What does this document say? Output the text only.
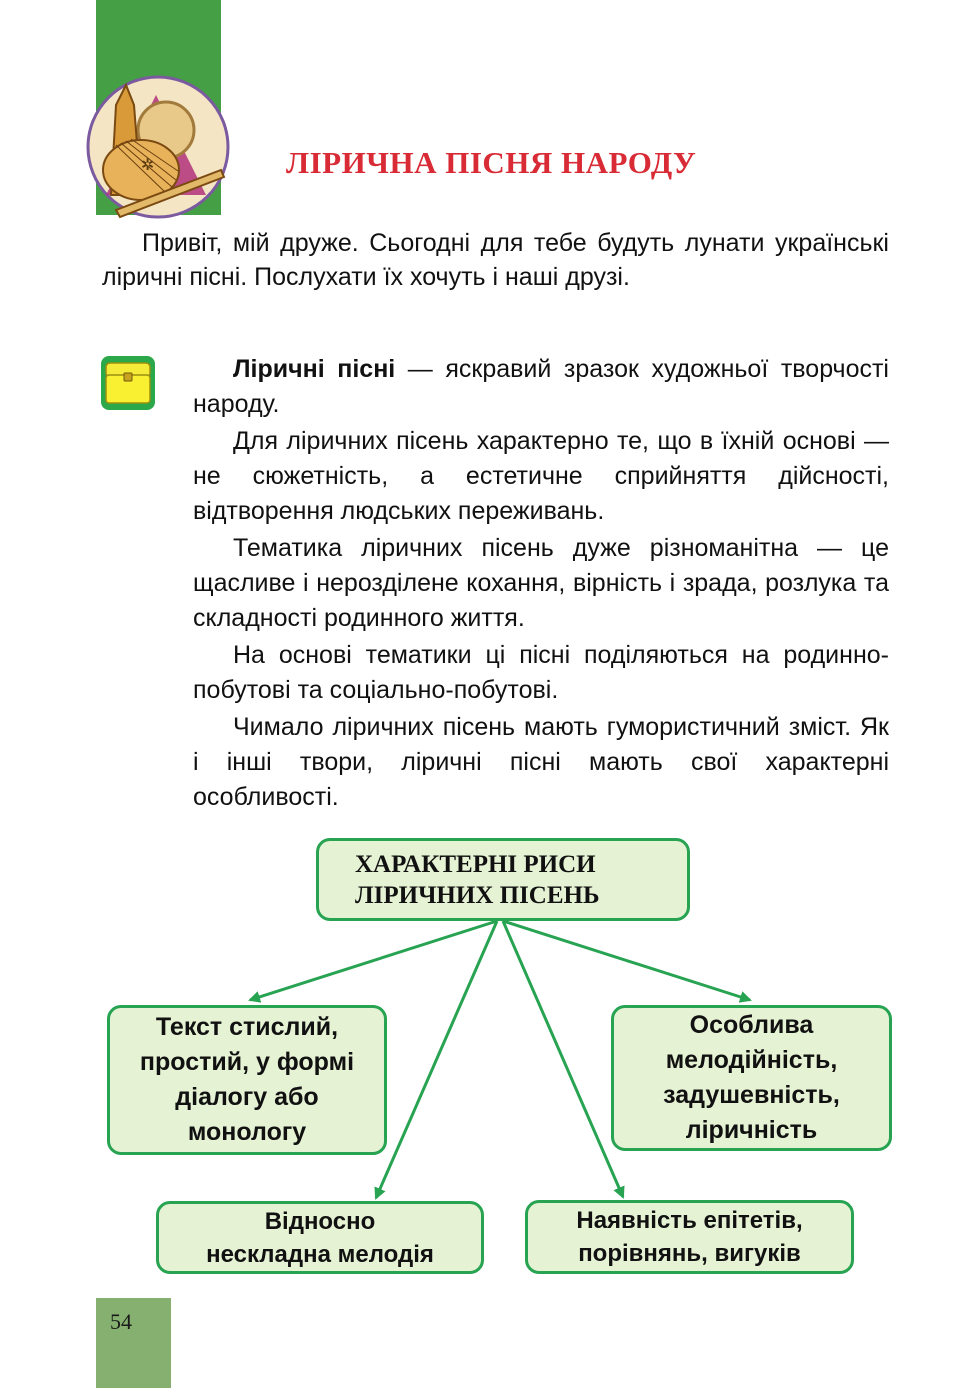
✲	ЛІРИЧНА ПІСНЯ НАРОДУ

Привіт, мій друже. Сьогодні для тебе будуть лунати українські ліричні пісні. Послухати їх хочуть і наші друзі.

Ліричні пісні — яскравий зразок художньої творчості народу.

Для ліричних пісень характерно те, що в їхній основі — не сюжетність, а естетичне сприйняття дійсності, відтворення людських переживань.

Тематика ліричних пісень дуже різноманітна — це щасливе і нерозділене кохання, вірність і зрада, розлука та складності родинного життя.

На основі тематики ці пісні поділяються на родинно-побутові та соціально-побутові.

Чимало ліричних пісень мають гумористичний зміст. Як і інші твори, ліричні пісні мають свої характерні особливості.

ХАРАКТЕРНІ РИСИ
ЛІРИЧНИХ ПІСЕНЬ
Текст стислий,
простий, у формі
діалогу або
монологу
Особлива
мелодійність,
задушевність,
ліричність
Відносно
нескладна мелодія
Наявність епітетів,
порівнянь, вигуків
54
